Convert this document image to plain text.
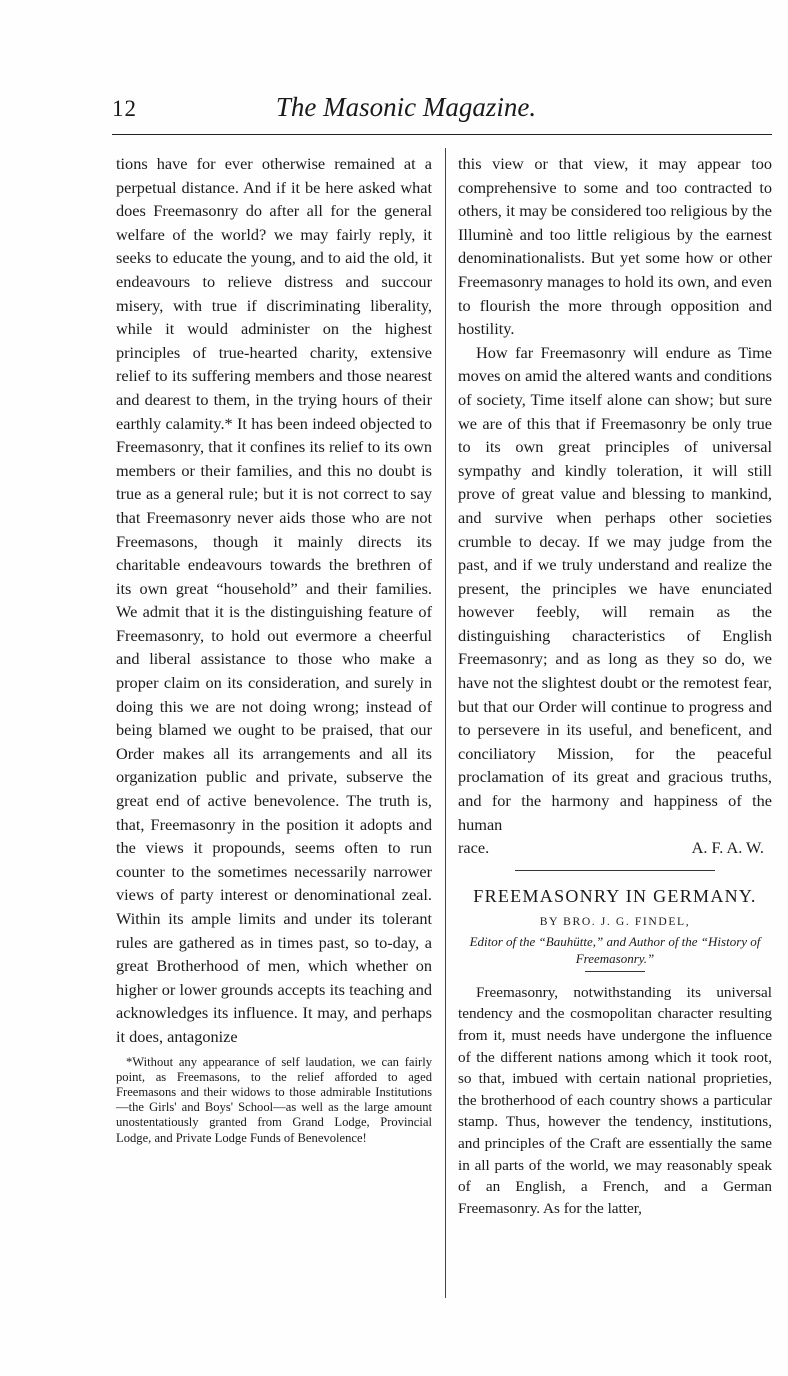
12	The Masonic Magazine.

tions have for ever otherwise remained at a perpetual distance. And if it be here asked what does Freemasonry do after all for the general welfare of the world? we may fairly reply, it seeks to educate the young, and to aid the old, it endeavours to relieve distress and succour misery, with true if discriminating liberality, while it would administer on the highest principles of true-hearted charity, extensive relief to its suffering members and those nearest and dearest to them, in the trying hours of their earthly calamity.* It has been indeed objected to Freemasonry, that it confines its relief to its own members or their families, and this no doubt is true as a general rule; but it is not correct to say that Freemasonry never aids those who are not Freemasons, though it mainly directs its charitable endeavours towards the brethren of its own great “household” and their families. We admit that it is the distinguishing feature of Freemasonry, to hold out evermore a cheerful and liberal assistance to those who make a proper claim on its consideration, and surely in doing this we are not doing wrong; instead of being blamed we ought to be praised, that our Order makes all its arrangements and all its organization public and private, subserve the great end of active benevolence. The truth is, that, Freemasonry in the position it adopts and the views it propounds, seems often to run counter to the sometimes necessarily narrower views of party interest or denominational zeal. Within its ample limits and under its tolerant rules are gathered as in times past, so to-day, a great Brotherhood of men, which whether on higher or lower grounds accepts its teaching and acknowledges its influence. It may, and perhaps it does, antagonize

*Without any appearance of self laudation, we can fairly point, as Freemasons, to the relief afforded to aged Freemasons and their widows to those admirable Institutions—the Girls' and Boys' School—as well as the large amount unostentatiously granted from Grand Lodge, Provincial Lodge, and Private Lodge Funds of Benevolence!

this view or that view, it may appear too comprehensive to some and too contracted to others, it may be considered too religious by the Illuminè and too little religious by the earnest denominationalists. But yet some how or other Freemasonry manages to hold its own, and even to flourish the more through opposition and hostility.

How far Freemasonry will endure as Time moves on amid the altered wants and conditions of society, Time itself alone can show; but sure we are of this that if Freemasonry be only true to its own great principles of universal sympathy and kindly toleration, it will still prove of great value and blessing to mankind, and survive when perhaps other societies crumble to decay. If we may judge from the past, and if we truly understand and realize the present, the principles we have enunciated however feebly, will remain as the distinguishing characteristics of English Freemasonry; and as long as they so do, we have not the slightest doubt or the remotest fear, but that our Order will continue to progress and to persevere in its useful, and beneficent, and conciliatory Mission, for the peaceful proclamation of its great and gracious truths, and for the harmony and happiness of the human

race.	A. F. A. W.
FREEMASONRY IN GERMANY.
BY BRO. J. G. FINDEL,
Editor of the “Bauhütte,” and Author of the “History of Freemasonry.”

Freemasonry, notwithstanding its universal tendency and the cosmopolitan character resulting from it, must needs have undergone the influence of the different nations among which it took root, so that, imbued with certain national proprieties, the brotherhood of each country shows a particular stamp. Thus, however the tendency, institutions, and principles of the Craft are essentially the same in all parts of the world, we may reasonably speak of an English, a French, and a German Freemasonry. As for the latter,
